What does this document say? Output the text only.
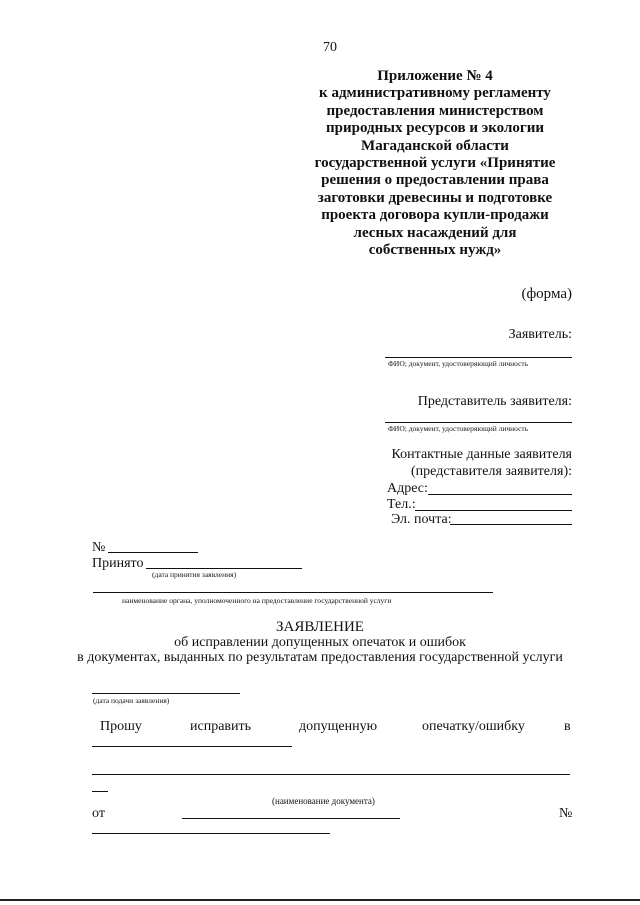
70
Приложение № 4
к административному регламенту
предоставления министерством
природных ресурсов и экологии
Магаданской области
государственной услуги «Принятие
решения о предоставлении права
заготовки древесины и подготовке
проекта договора купли-продажи
лесных насаждений для
собственных нужд»
(форма)
Заявитель:
ФИО; документ, удостоверяющий личность
Представитель заявителя:
ФИО; документ, удостоверяющий личность
Контактные данные заявителя
(представителя заявителя):
Адрес:
Тел.:
Эл. почта:
№
Принято
(дата принятия заявления)
наименование органа, уполномоченного на предоставление государственной услуги
ЗАЯВЛЕНИЕ
об исправлении допущенных опечаток и ошибок
в документах, выданных по результатам предоставления государственной услуги
(дата подачи заявления)
Прошу	исправить	допущенную	опечатку/ошибку	в
(наименование документа)
от	№
